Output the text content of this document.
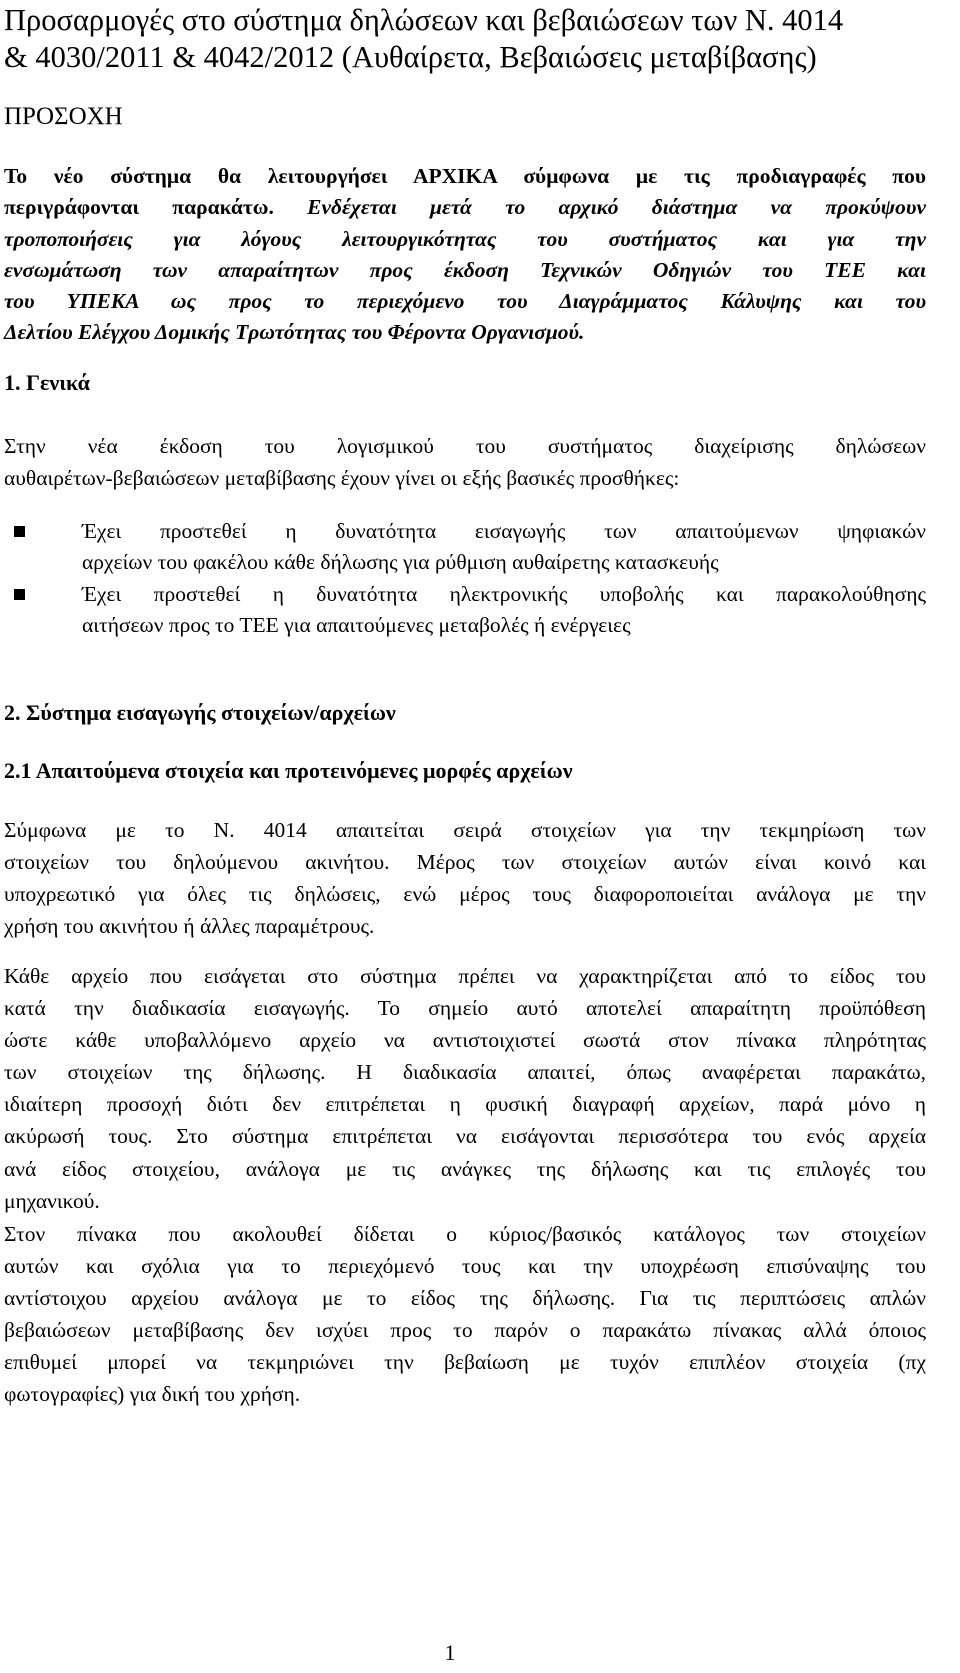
Προσαρμογές στο σύστημα δηλώσεων και βεβαιώσεων των Ν. 4014
& 4030/2011 & 4042/2012 (Αυθαίρετα, Βεβαιώσεις μεταβίβασης)

ΠΡΟΣΟΧΗ

Το νέο σύστημα θα λειτουργήσει ΑΡΧΙΚΑ σύμφωνα με τις προδιαγραφές που
περιγράφονται παρακάτω. Ενδέχεται μετά το αρχικό διάστημα να προκύψουν
τροποποιήσεις για λόγους λειτουργικότητας του συστήματος και για την
ενσωμάτωση των απαραίτητων προς έκδοση Τεχνικών Οδηγιών του ΤΕΕ και
του ΥΠΕΚΑ ως προς το περιεχόμενο του Διαγράμματος Κάλυψης και του
Δελτίου Ελέγχου Δομικής Τρωτότητας του Φέροντα Οργανισμού.
1. Γενικά
Στην νέα έκδοση του λογισμικού του συστήματος διαχείρισης δηλώσεων
αυθαιρέτων-βεβαιώσεων μεταβίβασης έχουν γίνει οι εξής βασικές προσθήκες:
Έχει προστεθεί η δυνατότητα εισαγωγής των απαιτούμενων ψηφιακών
αρχείων του φακέλου κάθε δήλωσης για ρύθμιση αυθαίρετης κατασκευής
Έχει προστεθεί η δυνατότητα ηλεκτρονικής υποβολής και παρακολούθησης
αιτήσεων προς το ΤΕΕ για απαιτούμενες μεταβολές ή ενέργειες
2. Σύστημα εισαγωγής στοιχείων/αρχείων
2.1 Απαιτούμενα στοιχεία και προτεινόμενες μορφές αρχείων
Σύμφωνα με το Ν. 4014 απαιτείται σειρά στοιχείων για την τεκμηρίωση των
στοιχείων του δηλούμενου ακινήτου. Μέρος των στοιχείων αυτών είναι κοινό και
υποχρεωτικό για όλες τις δηλώσεις, ενώ μέρος τους διαφοροποιείται ανάλογα με την
χρήση του ακινήτου ή άλλες παραμέτρους.
Κάθε αρχείο που εισάγεται στο σύστημα πρέπει να χαρακτηρίζεται από το είδος του
κατά την διαδικασία εισαγωγής. Το σημείο αυτό αποτελεί απαραίτητη προϋπόθεση
ώστε κάθε υποβαλλόμενο αρχείο να αντιστοιχιστεί σωστά στον πίνακα πληρότητας
των στοιχείων της δήλωσης. Η διαδικασία απαιτεί, όπως αναφέρεται παρακάτω,
ιδιαίτερη προσοχή διότι δεν επιτρέπεται η φυσική διαγραφή αρχείων, παρά μόνο η
ακύρωσή τους. Στο σύστημα επιτρέπεται να εισάγονται περισσότερα του ενός αρχεία
ανά είδος στοιχείου, ανάλογα με τις ανάγκες της δήλωσης και τις επιλογές του
μηχανικού.
Στον πίνακα που ακολουθεί δίδεται ο κύριος/βασικός κατάλογος των στοιχείων
αυτών και σχόλια για το περιεχόμενό τους και την υποχρέωση επισύναψης του
αντίστοιχου αρχείου ανάλογα με το είδος της δήλωσης. Για τις περιπτώσεις απλών
βεβαιώσεων μεταβίβασης δεν ισχύει προς το παρόν ο παρακάτω πίνακας αλλά όποιος
επιθυμεί μπορεί να τεκμηριώνει την βεβαίωση με τυχόν επιπλέον στοιχεία (πχ
φωτογραφίες) για δική του χρήση.
1
